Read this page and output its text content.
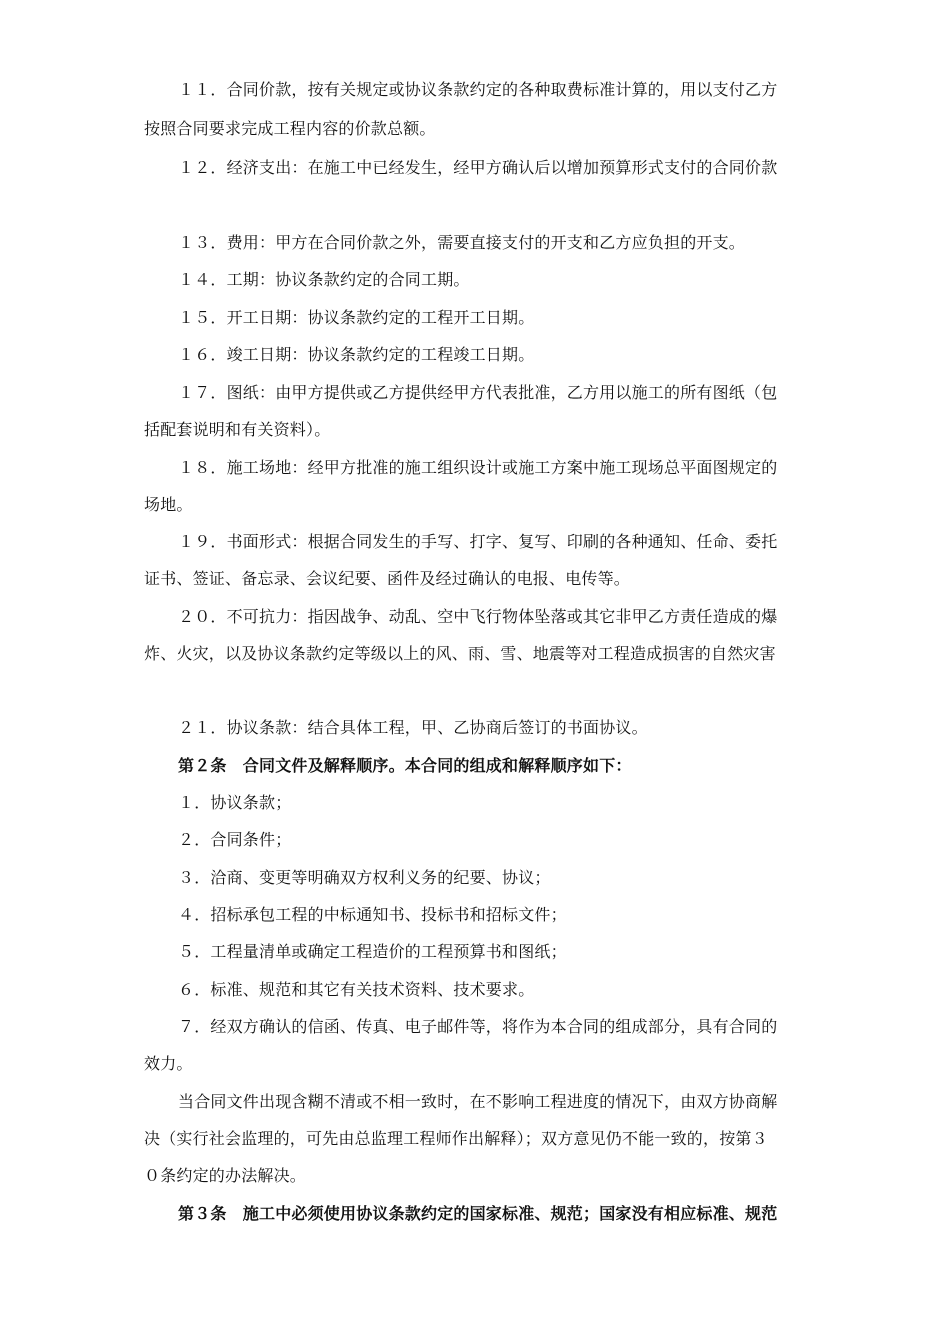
１１．合同价款，按有关规定或协议条款约定的各种取费标准计算的，用以支付乙方
按照合同要求完成工程内容的价款总额。
１２．经济支出：在施工中已经发生，经甲方确认后以增加预算形式支付的合同价款
１３．费用：甲方在合同价款之外，需要直接支付的开支和乙方应负担的开支。
１４．工期：协议条款约定的合同工期。
１５．开工日期：协议条款约定的工程开工日期。
１６．竣工日期：协议条款约定的工程竣工日期。
１７．图纸：由甲方提供或乙方提供经甲方代表批准，乙方用以施工的所有图纸（包
括配套说明和有关资料）。
１８．施工场地：经甲方批准的施工组织设计或施工方案中施工现场总平面图规定的
场地。
１９．书面形式：根据合同发生的手写、打字、复写、印刷的各种通知、任命、委托
证书、签证、备忘录、会议纪要、函件及经过确认的电报、电传等。
２０．不可抗力：指因战争、动乱、空中飞行物体坠落或其它非甲乙方责任造成的爆
炸、火灾，以及协议条款约定等级以上的风、雨、雪、地震等对工程造成损害的自然灾害
２１．协议条款：结合具体工程，甲、乙协商后签订的书面协议。
第２条　合同文件及解释顺序。本合同的组成和解释顺序如下：
１．协议条款；
２．合同条件；
３．洽商、变更等明确双方权利义务的纪要、协议；
４．招标承包工程的中标通知书、投标书和招标文件；
５．工程量清单或确定工程造价的工程预算书和图纸；
６．标准、规范和其它有关技术资料、技术要求。
７．经双方确认的信函、传真、电子邮件等，将作为本合同的组成部分，具有合同的
效力。
当合同文件出现含糊不清或不相一致时，在不影响工程进度的情况下，由双方协商解
决（实行社会监理的，可先由总监理工程师作出解释）；双方意见仍不能一致的，按第３
０条约定的办法解决。
第３条　施工中必须使用协议条款约定的国家标准、规范；国家没有相应标准、规范
